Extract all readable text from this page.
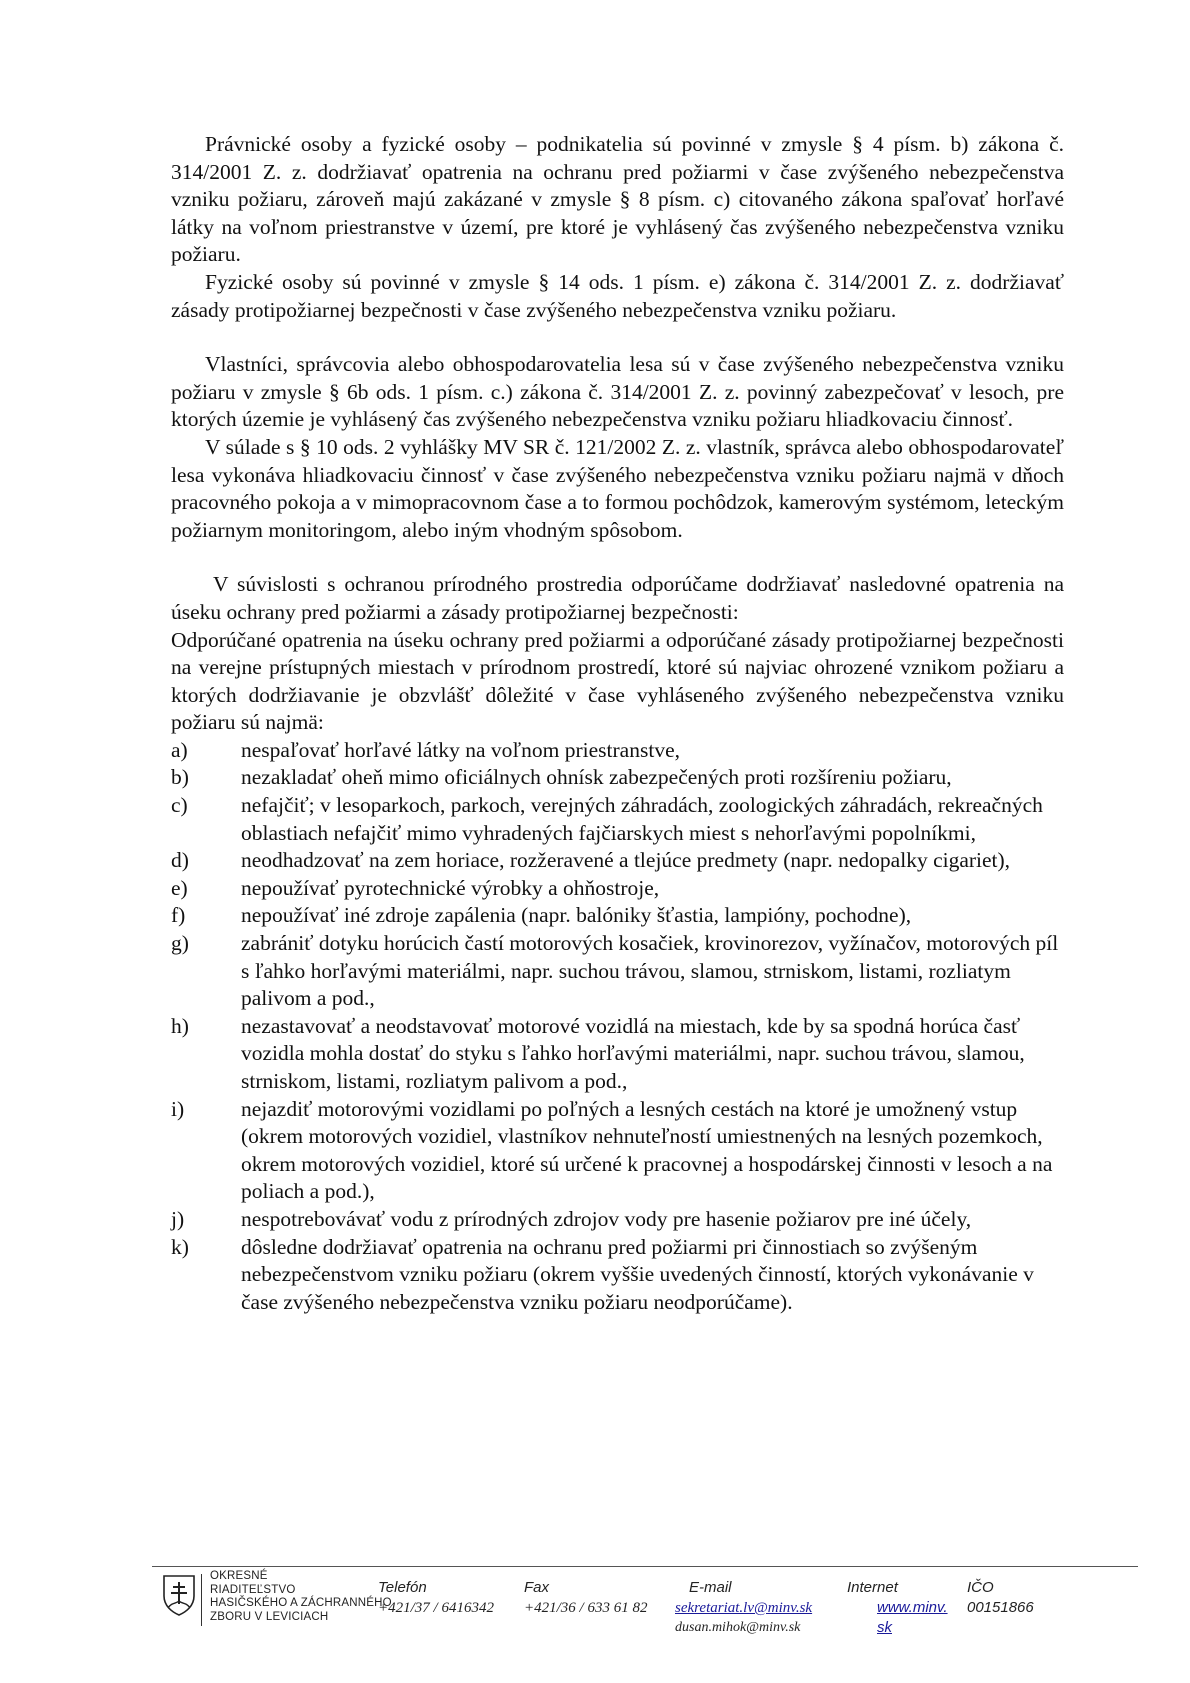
Právnické osoby a fyzické osoby – podnikatelia sú povinné v zmysle § 4 písm. b) zákona č. 314/2001 Z. z. dodržiavať opatrenia na ochranu pred požiarmi v čase zvýšeného nebezpečenstva vzniku požiaru, zároveň majú zakázané v zmysle § 8 písm. c) citovaného zákona spaľovať horľavé látky na voľnom priestranstve v území, pre ktoré je vyhlásený čas zvýšeného nebezpečenstva vzniku požiaru.

Fyzické osoby sú povinné v zmysle § 14 ods. 1 písm. e) zákona č. 314/2001 Z. z. dodržiavať zásady protipožiarnej bezpečnosti v čase zvýšeného nebezpečenstva vzniku požiaru.

Vlastníci, správcovia alebo obhospodarovatelia lesa sú v čase zvýšeného nebezpečenstva vzniku požiaru v zmysle § 6b ods. 1 písm. c.) zákona č. 314/2001 Z. z. povinný zabezpečovať v lesoch, pre ktorých územie je vyhlásený čas zvýšeného nebezpečenstva vzniku požiaru hliadkovaciu činnosť.

V súlade s § 10 ods. 2 vyhlášky MV SR č. 121/2002 Z. z. vlastník, správca alebo obhospodarovateľ lesa vykonáva hliadkovaciu činnosť v čase zvýšeného nebezpečenstva vzniku požiaru najmä v dňoch pracovného pokoja a v mimopracovnom čase a to formou pochôdzok, kamerovým systémom, leteckým požiarnym monitoringom, alebo iným vhodným spôsobom.

V súvislosti s ochranou prírodného prostredia odporúčame dodržiavať nasledovné opatrenia na úseku ochrany pred požiarmi a zásady protipožiarnej bezpečnosti:

Odporúčané opatrenia na úseku ochrany pred požiarmi a odporúčané zásady protipožiarnej bezpečnosti na verejne prístupných miestach v prírodnom prostredí, ktoré sú najviac ohrozené vznikom požiaru a ktorých dodržiavanie je obzvlášť dôležité v čase vyhláseného zvýšeného nebezpečenstva vzniku požiaru sú najmä:

a)	nespaľovať horľavé látky na voľnom priestranstve,
b)	nezakladať oheň mimo oficiálnych ohnísk zabezpečených proti rozšíreniu požiaru,
c)	nefajčiť; v lesoparkoch, parkoch, verejných záhradách, zoologických záhradách, rekreačných oblastiach nefajčiť mimo vyhradených fajčiarskych miest s nehorľavými popolníkmi,
d)	neodhadzovať na zem horiace, rozžeravené a tlejúce predmety (napr. nedopalky cigariet),
e)	nepoužívať pyrotechnické výrobky a ohňostroje,
f)	nepoužívať iné zdroje zapálenia (napr. balóniky šťastia, lampióny, pochodne),
g)	zabrániť dotyku horúcich častí motorových kosačiek, krovinorezov, vyžínačov, motorových píl s ľahko horľavými materiálmi, napr. suchou trávou, slamou, strniskom, listami, rozliatym palivom a pod.,
h)	nezastavovať a neodstavovať motorové vozidlá na miestach, kde by sa spodná horúca časť vozidla mohla dostať do styku s ľahko horľavými materiálmi, napr. suchou trávou, slamou, strniskom, listami, rozliatym palivom a pod.,
i)	nejazdiť motorovými vozidlami po poľných a lesných cestách na ktoré je umožnený vstup (okrem motorových vozidiel, vlastníkov nehnuteľností umiestnených na lesných pozemkoch, okrem motorových vozidiel, ktoré sú určené k pracovnej a hospodárskej činnosti v lesoch a na poliach a pod.),
j)	nespotrebovávať vodu z prírodných zdrojov vody pre hasenie požiarov pre iné účely,
k)	dôsledne dodržiavať opatrenia na ochranu pred požiarmi pri činnostiach so zvýšeným nebezpečenstvom vzniku požiaru (okrem vyššie uvedených činností, ktorých vykonávanie v čase zvýšeného nebezpečenstva vzniku požiaru neodporúčame).
OKRESNÉ
RIADITEĽSTVO
HASIČSKÉHO A ZÁCHRANNÉHO
ZBORU V LEVICIACH
Telefón
+421/37 / 6416342
Fax
+421/36 / 633 61 82
E-mail
sekretariat.lv@minv.sk
dusan.mihok@minv.sk
Internet
www.minv.
sk
IČO
00151866
